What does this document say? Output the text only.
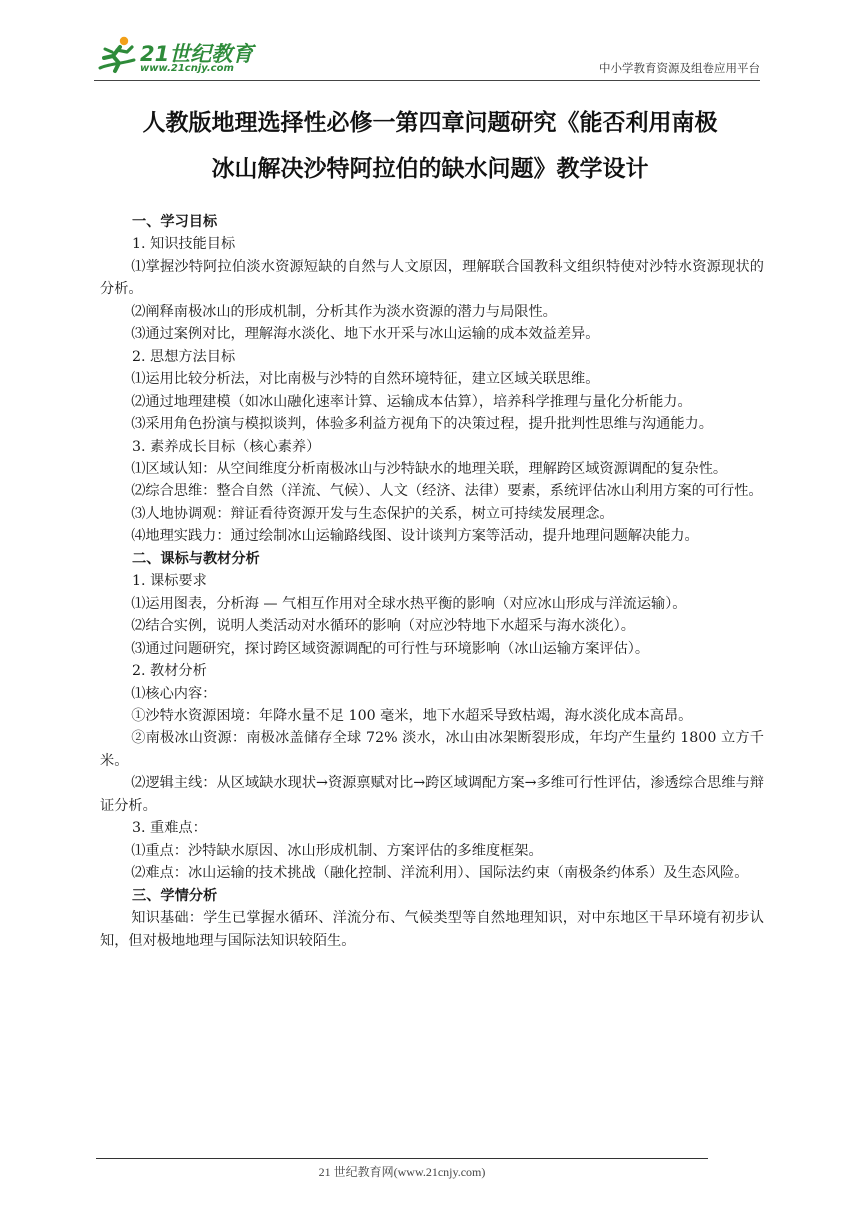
21世纪教育
www.21cnjy.com	中小学教育资源及组卷应用平台
人教版地理选择性必修一第四章问题研究《能否利用南极
冰山解决沙特阿拉伯的缺水问题》教学设计

一、学习目标

1. 知识技能目标

⑴掌握沙特阿拉伯淡水资源短缺的自然与人文原因，理解联合国教科文组织特使对沙特水资源现状的分析。

⑵阐释南极冰山的形成机制，分析其作为淡水资源的潜力与局限性。

⑶通过案例对比，理解海水淡化、地下水开采与冰山运输的成本效益差异。

2. 思想方法目标

⑴运用比较分析法，对比南极与沙特的自然环境特征，建立区域关联思维。

⑵通过地理建模（如冰山融化速率计算、运输成本估算），培养科学推理与量化分析能力。

⑶采用角色扮演与模拟谈判，体验多利益方视角下的决策过程，提升批判性思维与沟通能力。

3. 素养成长目标（核心素养）

⑴区域认知：从空间维度分析南极冰山与沙特缺水的地理关联，理解跨区域资源调配的复杂性。

⑵综合思维：整合自然（洋流、气候）、人文（经济、法律）要素，系统评估冰山利用方案的可行性。

⑶人地协调观：辩证看待资源开发与生态保护的关系，树立可持续发展理念。

⑷地理实践力：通过绘制冰山运输路线图、设计谈判方案等活动，提升地理问题解决能力。

二、课标与教材分析

1. 课标要求

⑴运用图表，分析海 — 气相互作用对全球水热平衡的影响（对应冰山形成与洋流运输）。

⑵结合实例，说明人类活动对水循环的影响（对应沙特地下水超采与海水淡化）。

⑶通过问题研究，探讨跨区域资源调配的可行性与环境影响（冰山运输方案评估）。

2. 教材分析

⑴核心内容：

①沙特水资源困境：年降水量不足 100 毫米，地下水超采导致枯竭，海水淡化成本高昂。

②南极冰山资源：南极冰盖储存全球 72% 淡水，冰山由冰架断裂形成，年均产生量约 1800 立方千米。

⑵逻辑主线：从区域缺水现状→资源禀赋对比→跨区域调配方案→多维可行性评估，渗透综合思维与辩证分析。

3. 重难点：

⑴重点：沙特缺水原因、冰山形成机制、方案评估的多维度框架。

⑵难点：冰山运输的技术挑战（融化控制、洋流利用）、国际法约束（南极条约体系）及生态风险。

三、学情分析

知识基础：学生已掌握水循环、洋流分布、气候类型等自然地理知识，对中东地区干旱环境有初步认知，但对极地地理与国际法知识较陌生。

21 世纪教育网(www.21cnjy.com)
